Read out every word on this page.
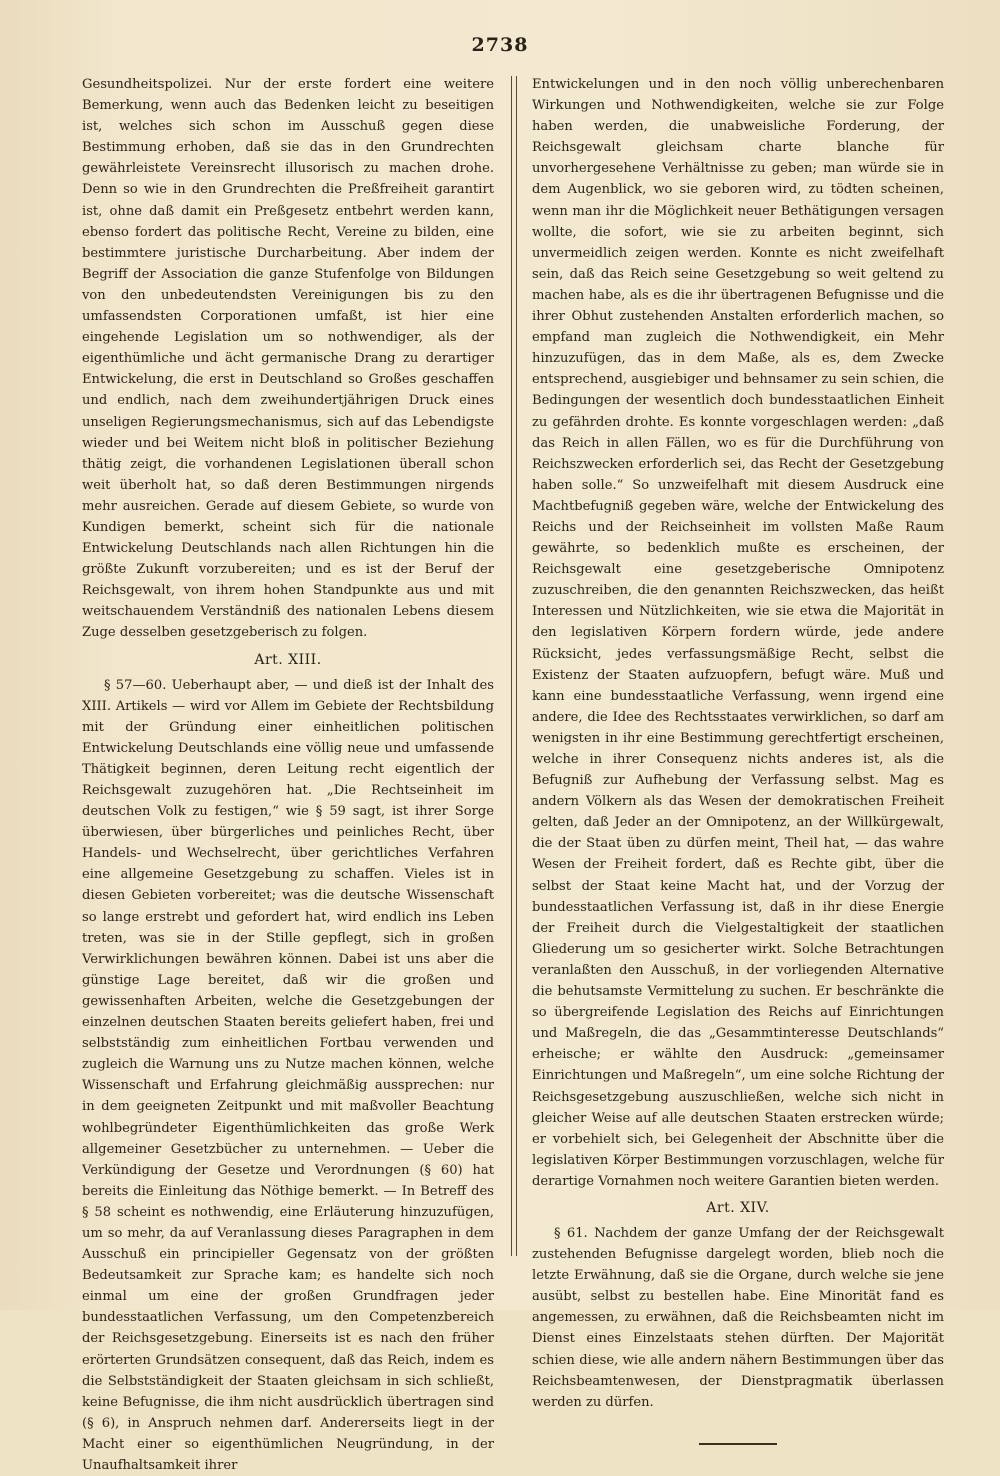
2738

Gesundheitspolizei. Nur der erste fordert eine weitere Bemerkung, wenn auch das Bedenken leicht zu beseitigen ist, welches sich schon im Ausschuß gegen diese Bestimmung erhoben, daß sie das in den Grundrechten gewährleistete Vereinsrecht illusorisch zu machen drohe. Denn so wie in den Grundrechten die Preßfreiheit garantirt ist, ohne daß damit ein Preßgesetz entbehrt werden kann, ebenso fordert das politische Recht, Vereine zu bilden, eine bestimmtere juristische Durcharbeitung. Aber indem der Begriff der Association die ganze Stufenfolge von Bildungen von den unbedeutendsten Vereinigungen bis zu den umfassendsten Corporationen umfaßt, ist hier eine eingehende Legislation um so nothwendiger, als der eigenthümliche und ächt germanische Drang zu derartiger Entwickelung, die erst in Deutschland so Großes geschaffen und endlich, nach dem zweihundertjährigen Druck eines unseligen Regierungsmechanismus, sich auf das Lebendigste wieder und bei Weitem nicht bloß in politischer Beziehung thätig zeigt, die vorhandenen Legislationen überall schon weit überholt hat, so daß deren Bestimmungen nirgends mehr ausreichen. Gerade auf diesem Gebiete, so wurde von Kundigen bemerkt, scheint sich für die nationale Entwickelung Deutschlands nach allen Richtungen hin die größte Zukunft vorzubereiten; und es ist der Beruf der Reichsgewalt, von ihrem hohen Standpunkte aus und mit weitschauendem Verständniß des nationalen Lebens diesem Zuge desselben gesetzgeberisch zu folgen.

Art. XIII.

§ 57—60. Ueberhaupt aber, — und dieß ist der Inhalt des XIII. Artikels — wird vor Allem im Gebiete der Rechtsbildung mit der Gründung einer einheitlichen politischen Entwickelung Deutschlands eine völlig neue und umfassende Thätigkeit beginnen, deren Leitung recht eigentlich der Reichsgewalt zuzugehören hat. „Die Rechtseinheit im deutschen Volk zu festigen,“ wie § 59 sagt, ist ihrer Sorge überwiesen, über bürgerliches und peinliches Recht, über Handels- und Wechselrecht, über gerichtliches Verfahren eine allgemeine Gesetzgebung zu schaffen. Vieles ist in diesen Gebieten vorbereitet; was die deutsche Wissenschaft so lange erstrebt und gefordert hat, wird endlich ins Leben treten, was sie in der Stille gepflegt, sich in großen Verwirklichungen bewähren können. Dabei ist uns aber die günstige Lage bereitet, daß wir die großen und gewissenhaften Arbeiten, welche die Gesetzgebungen der einzelnen deutschen Staaten bereits geliefert haben, frei und selbstständig zum einheitlichen Fortbau verwenden und zugleich die Warnung uns zu Nutze machen können, welche Wissenschaft und Erfahrung gleichmäßig aussprechen: nur in dem geeigneten Zeitpunkt und mit maßvoller Beachtung wohlbegründeter Eigenthümlichkeiten das große Werk allgemeiner Gesetzbücher zu unternehmen. — Ueber die Verkündigung der Gesetze und Verordnungen (§ 60) hat bereits die Einleitung das Nöthige bemerkt. — In Betreff des § 58 scheint es nothwendig, eine Erläuterung hinzuzufügen, um so mehr, da auf Veranlassung dieses Paragraphen in dem Ausschuß ein principieller Gegensatz von der größten Bedeutsamkeit zur Sprache kam; es handelte sich noch einmal um eine der großen Grundfragen jeder bundesstaatlichen Verfassung, um den Competenzbereich der Reichsgesetzgebung. Einerseits ist es nach den früher erörterten Grundsätzen consequent, daß das Reich, indem es die Selbstständigkeit der Staaten gleichsam in sich schließt, keine Befugnisse, die ihm nicht ausdrücklich übertragen sind (§ 6), in Anspruch nehmen darf. Andererseits liegt in der Macht einer so eigenthümlichen Neugründung, in der Unaufhaltsamkeit ihrer

Entwickelungen und in den noch völlig unberechenbaren Wirkungen und Nothwendigkeiten, welche sie zur Folge haben werden, die unabweisliche Forderung, der Reichsgewalt gleichsam charte blanche für unvorhergesehene Verhältnisse zu geben; man würde sie in dem Augenblick, wo sie geboren wird, zu tödten scheinen, wenn man ihr die Möglichkeit neuer Bethätigungen versagen wollte, die sofort, wie sie zu arbeiten beginnt, sich unvermeidlich zeigen werden. Konnte es nicht zweifelhaft sein, daß das Reich seine Gesetzgebung so weit geltend zu machen habe, als es die ihr übertragenen Befugnisse und die ihrer Obhut zustehenden Anstalten erforderlich machen, so empfand man zugleich die Nothwendigkeit, ein Mehr hinzuzufügen, das in dem Maße, als es, dem Zwecke entsprechend, ausgiebiger und behnsamer zu sein schien, die Bedingungen der wesentlich doch bundesstaatlichen Einheit zu gefährden drohte. Es konnte vorgeschlagen werden: „daß das Reich in allen Fällen, wo es für die Durchführung von Reichszwecken erforderlich sei, das Recht der Gesetzgebung haben solle.“ So unzweifelhaft mit diesem Ausdruck eine Machtbefugniß gegeben wäre, welche der Entwickelung des Reichs und der Reichseinheit im vollsten Maße Raum gewährte, so bedenklich mußte es erscheinen, der Reichsgewalt eine gesetzgeberische Omnipotenz zuzuschreiben, die den genannten Reichszwecken, das heißt Interessen und Nützlichkeiten, wie sie etwa die Majorität in den legislativen Körpern fordern würde, jede andere Rücksicht, jedes verfassungsmäßige Recht, selbst die Existenz der Staaten aufzuopfern, befugt wäre. Muß und kann eine bundesstaatliche Verfassung, wenn irgend eine andere, die Idee des Rechtsstaates verwirklichen, so darf am wenigsten in ihr eine Bestimmung gerechtfertigt erscheinen, welche in ihrer Consequenz nichts anderes ist, als die Befugniß zur Aufhebung der Verfassung selbst. Mag es andern Völkern als das Wesen der demokratischen Freiheit gelten, daß Jeder an der Omnipotenz, an der Willkürgewalt, die der Staat üben zu dürfen meint, Theil hat, — das wahre Wesen der Freiheit fordert, daß es Rechte gibt, über die selbst der Staat keine Macht hat, und der Vorzug der bundesstaatlichen Verfassung ist, daß in ihr diese Energie der Freiheit durch die Vielgestaltigkeit der staatlichen Gliederung um so gesicherter wirkt. Solche Betrachtungen veranlaßten den Ausschuß, in der vorliegenden Alternative die behutsamste Vermittelung zu suchen. Er beschränkte die so übergreifende Legislation des Reichs auf Einrichtungen und Maßregeln, die das „Gesammtinteresse Deutschlands“ erheische; er wählte den Ausdruck: „gemeinsamer Einrichtungen und Maßregeln“, um eine solche Richtung der Reichsgesetzgebung auszuschließen, welche sich nicht in gleicher Weise auf alle deutschen Staaten erstrecken würde; er vorbehielt sich, bei Gelegenheit der Abschnitte über die legislativen Körper Bestimmungen vorzuschlagen, welche für derartige Vornahmen noch weitere Garantien bieten werden.

Art. XIV.

§ 61. Nachdem der ganze Umfang der der Reichsgewalt zustehenden Befugnisse dargelegt worden, blieb noch die letzte Erwähnung, daß sie die Organe, durch welche sie jene ausübt, selbst zu bestellen habe. Eine Minorität fand es angemessen, zu erwähnen, daß die Reichsbeamten nicht im Dienst eines Einzelstaats stehen dürften. Der Majorität schien diese, wie alle andern nähern Bestimmungen über das Reichsbeamtenwesen, der Dienstpragmatik überlassen werden zu dürfen.
